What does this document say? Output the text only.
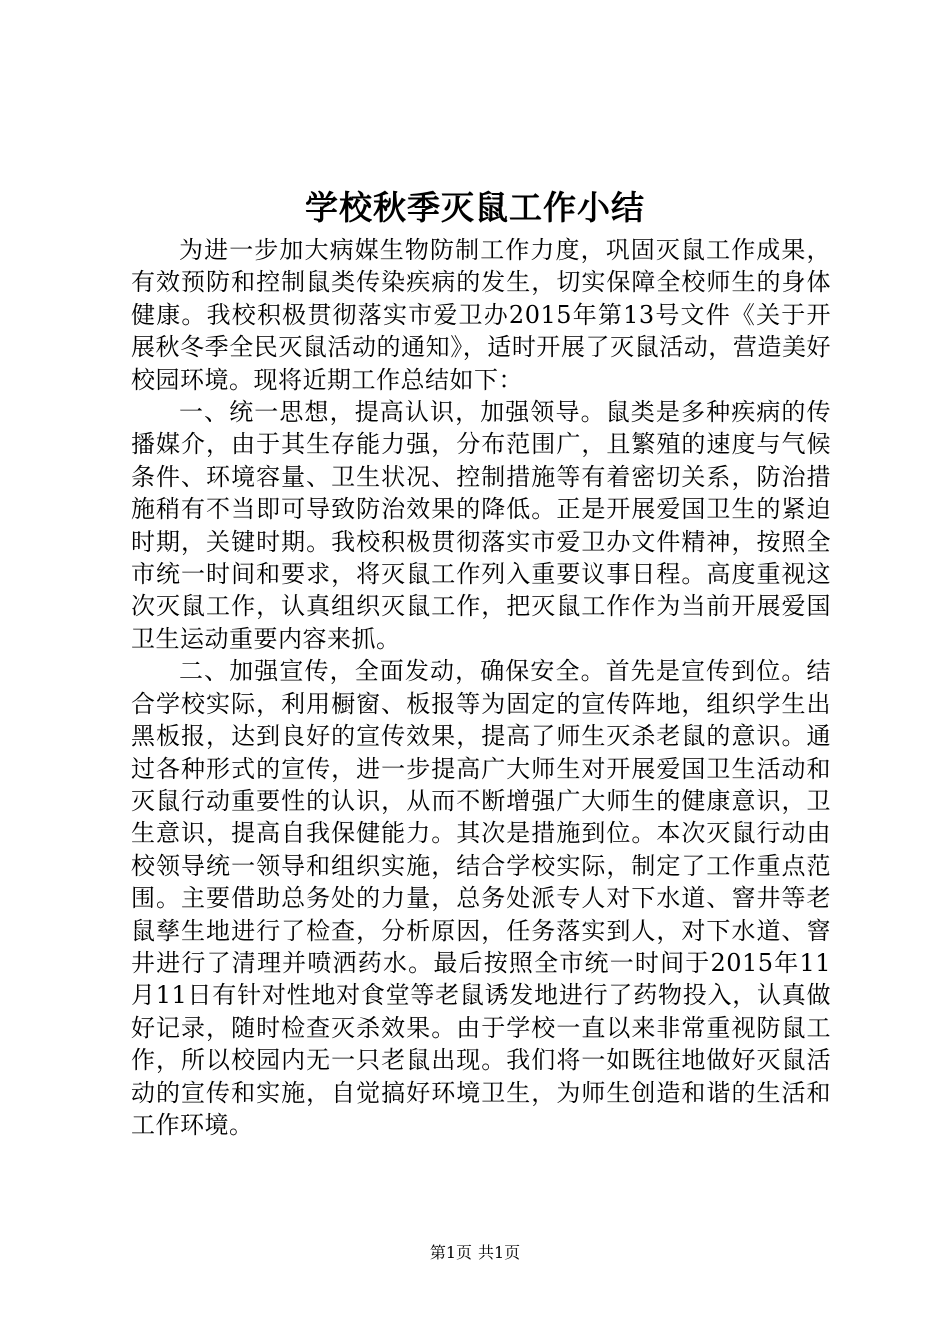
学校秋季灭鼠工作小结

为进一步加大病媒生物防制工作力度，巩固灭鼠工作成果，有效预防和控制鼠类传染疾病的发生，切实保障全校师生的身体健康。我校积极贯彻落实市爱卫办2015年第13号文件《关于开展秋冬季全民灭鼠活动的通知》，适时开展了灭鼠活动，营造美好校园环境。现将近期工作总结如下：

一、统一思想，提高认识，加强领导。鼠类是多种疾病的传播媒介，由于其生存能力强，分布范围广，且繁殖的速度与气候条件、环境容量、卫生状况、控制措施等有着密切关系，防治措施稍有不当即可导致防治效果的降低。正是开展爱国卫生的紧迫时期，关键时期。我校积极贯彻落实市爱卫办文件精神，按照全市统一时间和要求，将灭鼠工作列入重要议事日程。高度重视这次灭鼠工作，认真组织灭鼠工作，把灭鼠工作作为当前开展爱国卫生运动重要内容来抓。

二、加强宣传，全面发动，确保安全。首先是宣传到位。结合学校实际，利用橱窗、板报等为固定的宣传阵地，组织学生出黑板报，达到良好的宣传效果，提高了师生灭杀老鼠的意识。通过各种形式的宣传，进一步提高广大师生对开展爱国卫生活动和灭鼠行动重要性的认识，从而不断增强广大师生的健康意识，卫生意识，提高自我保健能力。其次是措施到位。本次灭鼠行动由校领导统一领导和组织实施，结合学校实际，制定了工作重点范围。主要借助总务处的力量，总务处派专人对下水道、窨井等老鼠孳生地进行了检查，分析原因，任务落实到人，对下水道、窨井进行了清理并喷洒药水。最后按照全市统一时间于2015年11月11日有针对性地对食堂等老鼠诱发地进行了药物投入，认真做好记录，随时检查灭杀效果。由于学校一直以来非常重视防鼠工作，所以校园内无一只老鼠出现。我们将一如既往地做好灭鼠活动的宣传和实施，自觉搞好环境卫生，为师生创造和谐的生活和工作环境。

第1页 共1页
